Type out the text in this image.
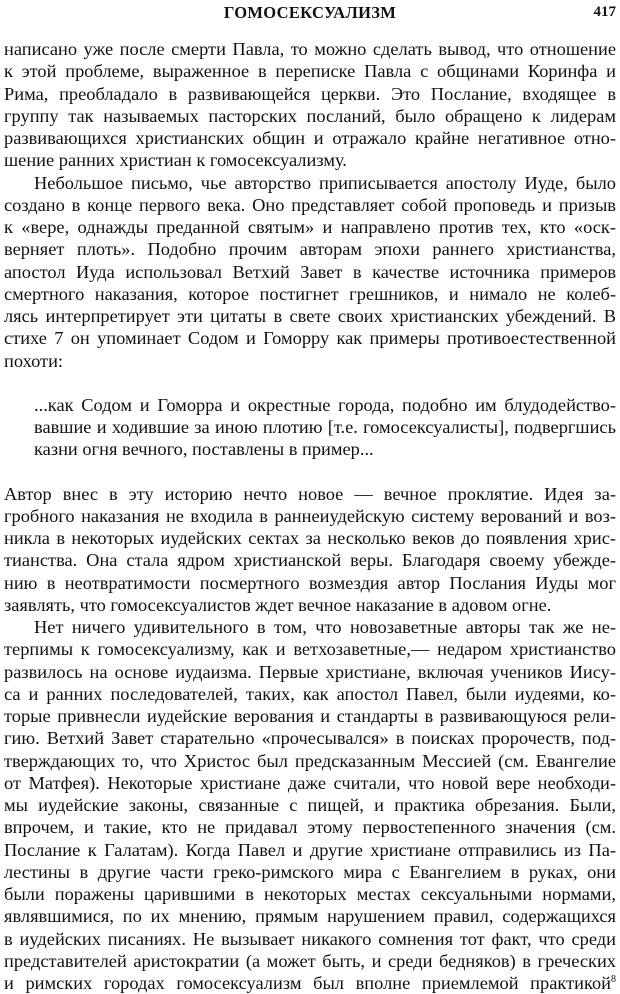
ГОМОСЕКСУАЛИЗМ	417
написано уже после смерти Павла, то можно сделать вывод, что отношение
к этой проблеме, выраженное в переписке Павла с общинами Коринфа и
Рима, преобладало в развивающейся церкви. Это Послание, входящее в
группу так называемых пасторских посланий, было обращено к лидерам
развивающихся христианских общин и отражало крайне негативное отно-
шение ранних христиан к гомосексуализму.
Небольшое письмо, чье авторство приписывается апостолу Иуде, было
создано в конце первого века. Оно представляет собой проповедь и призыв
к «вере, однажды преданной святым» и направлено против тех, кто «оск-
верняет плоть». Подобно прочим авторам эпохи раннего христианства,
апостол Иуда использовал Ветхий Завет в качестве источника примеров
смертного наказания, которое постигнет грешников, и нимало не колеб-
лясь интерпретирует эти цитаты в свете своих христианских убеждений. В
стихе 7 он упоминает Содом и Гоморру как примеры противоестественной
похоти:
...как Содом и Гоморра и окрестные города, подобно им блудодейство-
вавшие и ходившие за иною плотию [т.е. гомосексуалисты], подвергшись
казни огня вечного, поставлены в пример...
Автор внес в эту историю нечто новое — вечное проклятие. Идея за-
гробного наказания не входила в раннеиудейскую систему верований и воз-
никла в некоторых иудейских сектах за несколько веков до появления хрис-
тианства. Она стала ядром христианской веры. Благодаря своему убежде-
нию в неотвратимости посмертного возмездия автор Послания Иуды мог
заявлять, что гомосексуалистов ждет вечное наказание в адовом огне.
Нет ничего удивительного в том, что новозаветные авторы так же не-
терпимы к гомосексуализму, как и ветхозаветные,— недаром христианство
развилось на основе иудаизма. Первые христиане, включая учеников Иису-
са и ранних последователей, таких, как апостол Павел, были иудеями, ко-
торые привнесли иудейские верования и стандарты в развивающуюся рели-
гию. Ветхий Завет старательно «прочесывался» в поисках пророчеств, под-
тверждающих то, что Христос был предсказанным Мессией (см. Евангелие
от Матфея). Некоторые христиане даже считали, что новой вере необходи-
мы иудейские законы, связанные с пищей, и практика обрезания. Были,
впрочем, и такие, кто не придавал этому первостепенного значения (см.
Послание к Галатам). Когда Павел и другие христиане отправились из Па-
лестины в другие части греко-римского мира с Евангелием в руках, они
были поражены царившими в некоторых местах сексуальными нормами,
являвшимися, по их мнению, прямым нарушением правил, содержащихся
в иудейских писаниях. Не вызывает никакого сомнения тот факт, что среди
представителей аристократии (а может быть, и среди бедняков) в греческих
и римских городах гомосексуализм был вполне приемлемой практикой$^8$
